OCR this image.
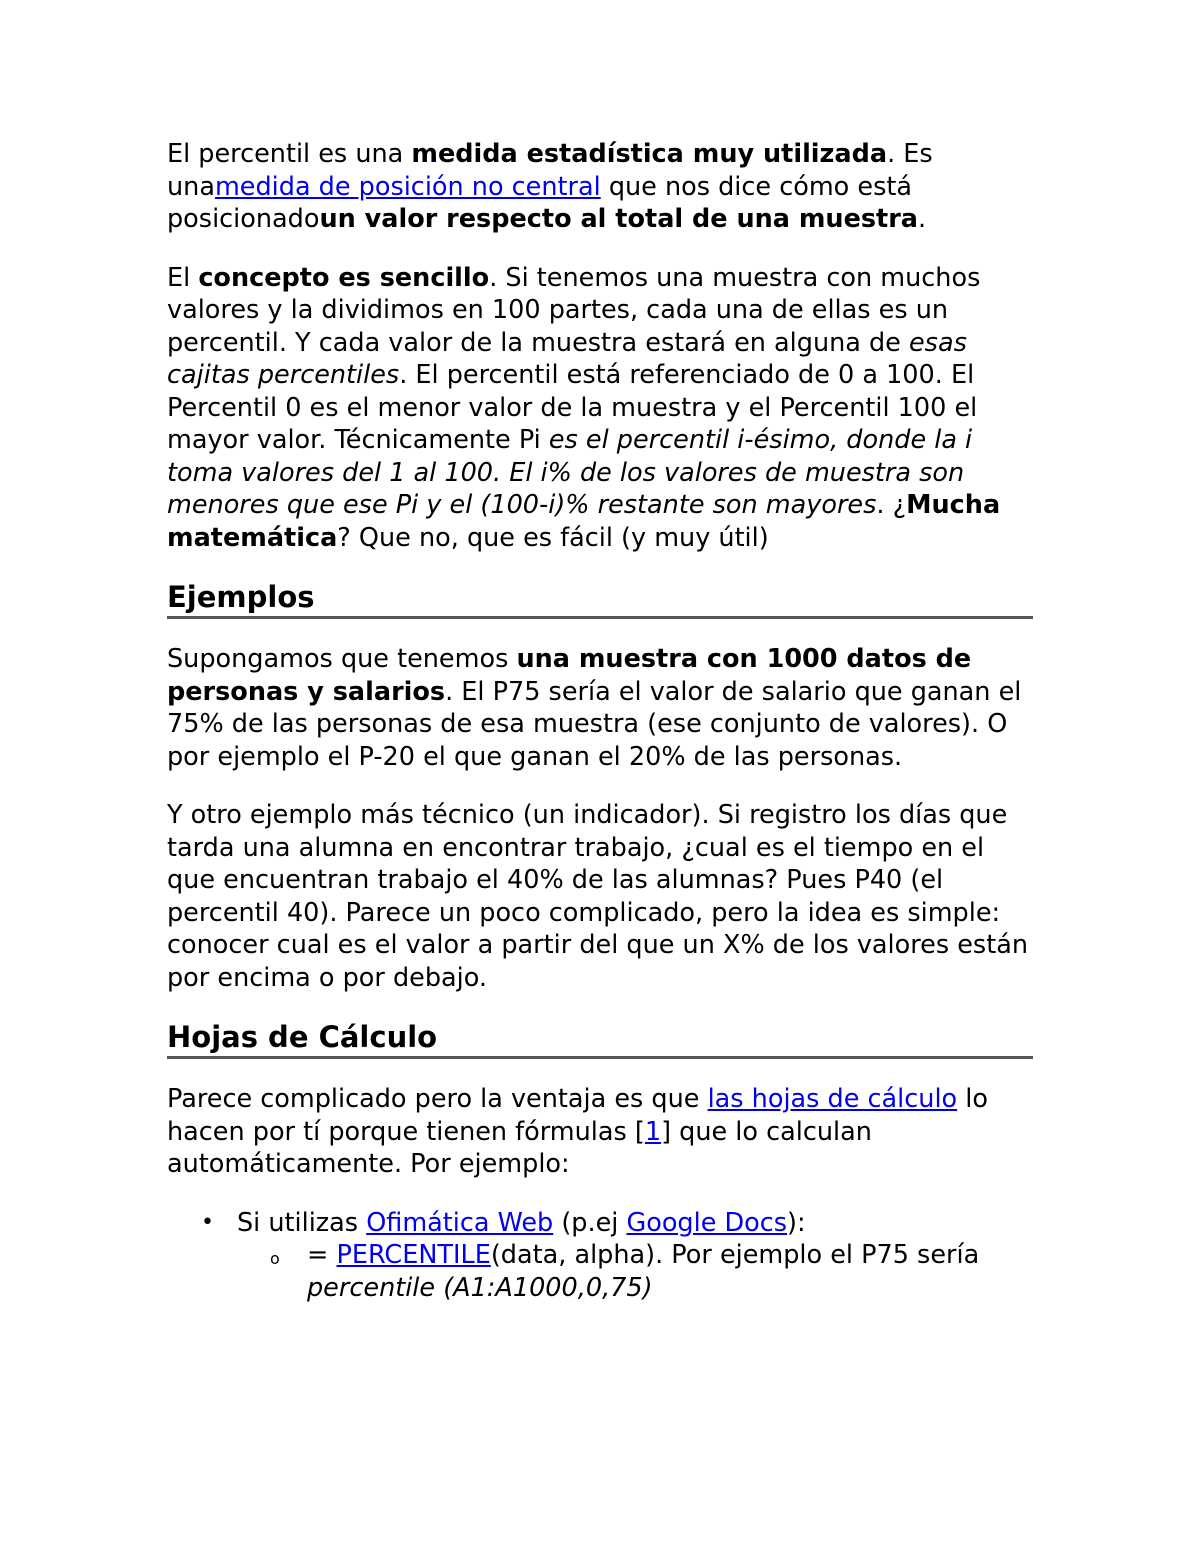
El percentil es una medida estadística muy utilizada. Es unamedida de posición no central que nos dice cómo está posicionadoun valor respecto al total de una muestra.

El concepto es sencillo. Si tenemos una muestra con muchos valores y la dividimos en 100 partes, cada una de ellas es un percentil. Y cada valor de la muestra estará en alguna de esas cajitas percentiles. El percentil está referenciado de 0 a 100. El Percentil 0 es el menor valor de la muestra y el Percentil 100 el mayor valor. Técnicamente Pi es el percentil i-ésimo, donde la i toma valores del 1 al 100. El i% de los valores de muestra son menores que ese Pi y el (100-i)% restante son mayores. ¿Mucha matemática? Que no, que es fácil (y muy útil)

Ejemplos

Supongamos que tenemos una muestra con 1000 datos de personas y salarios. El P75 sería el valor de salario que ganan el 75% de las personas de esa muestra (ese conjunto de valores). O por ejemplo el P-20 el que ganan el 20% de las personas.

Y otro ejemplo más técnico (un indicador). Si registro los días que tarda una alumna en encontrar trabajo, ¿cual es el tiempo en el que encuentran trabajo el 40% de las alumnas? Pues P40 (el percentil 40). Parece un poco complicado, pero la idea es simple: conocer cual es el valor a partir del que un X% de los valores están por encima o por debajo.

Hojas de Cálculo

Parece complicado pero la ventaja es que las hojas de cálculo lo hacen por tí porque tienen fórmulas [1] que lo calculan automáticamente. Por ejemplo:

• Si utilizas Ofimática Web (p.ej Google Docs):
o = PERCENTILE(data, alpha). Por ejemplo el P75 sería percentile (A1:A1000,0,75)
